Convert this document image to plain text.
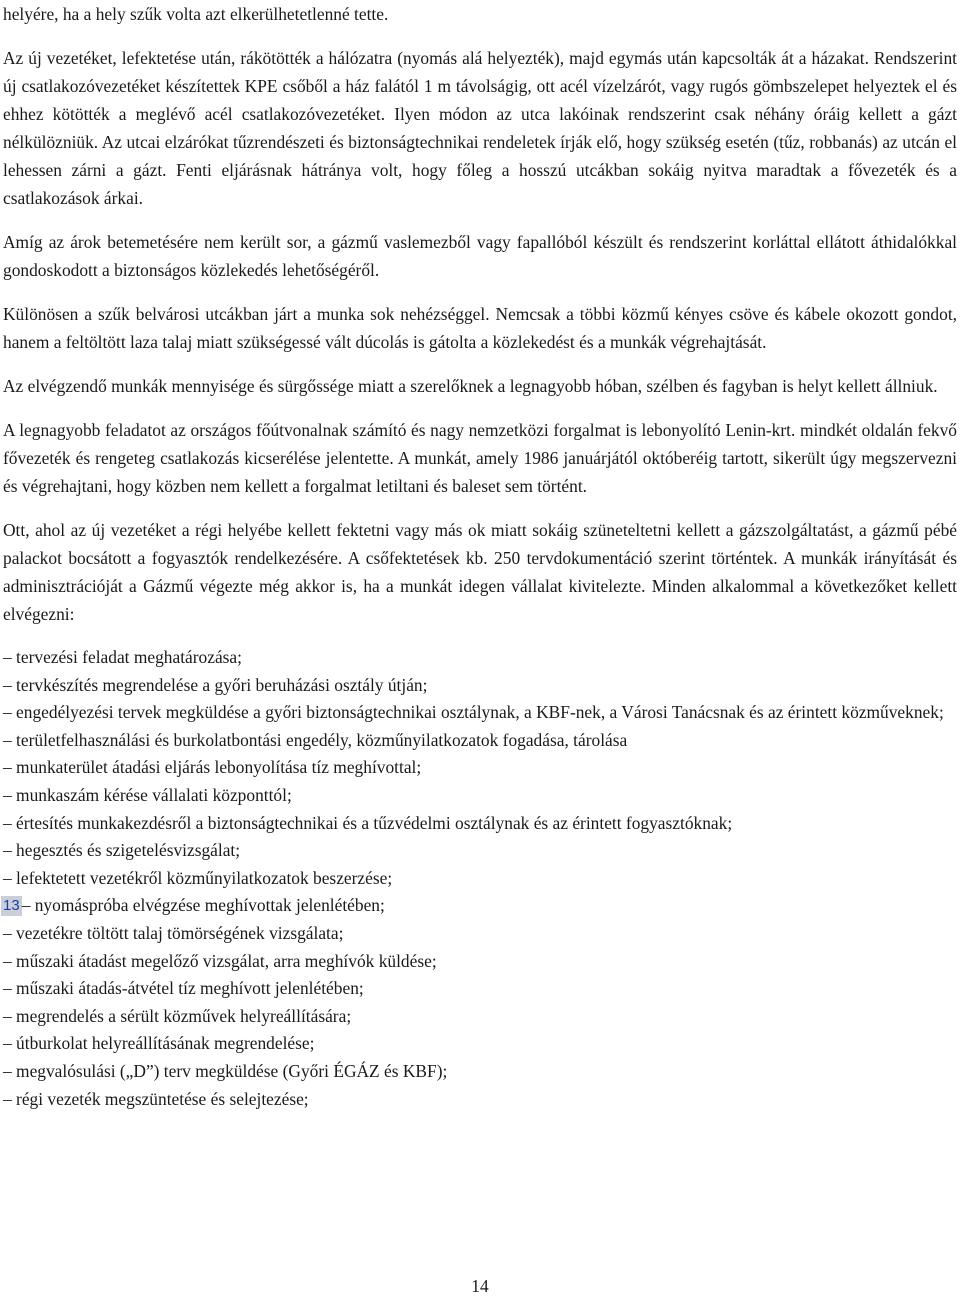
helyére, ha a hely szűk volta azt elkerülhetetlenné tette.

Az új vezetéket, lefektetése után, rákötötték a hálózatra (nyomás alá helyezték), majd egymás után kapcsolták át a házakat. Rendszerint új csatlakozóvezetéket készítettek KPE csőből a ház falától 1 m távolságig, ott acél vízelzárót, vagy rugós gömbszelepet helyeztek el és ehhez kötötték a meglévő acél csatlakozóvezetéket. Ilyen módon az utca lakóinak rendszerint csak néhány óráig kellett a gázt nélkülözniük. Az utcai elzárókat tűzrendészeti és biztonságtechnikai rendeletek írják elő, hogy szükség esetén (tűz, robbanás) az utcán el lehessen zárni a gázt. Fenti eljárásnak hátránya volt, hogy főleg a hosszú utcákban sokáig nyitva maradtak a fővezeték és a csatlakozások árkai.

Amíg az árok betemetésére nem került sor, a gázmű vaslemezből vagy fapallóból készült és rendszerint korláttal ellátott áthidalókkal gondoskodott a biztonságos közlekedés lehetőségéről.

Különösen a szűk belvárosi utcákban járt a munka sok nehézséggel. Nemcsak a többi közmű kényes csöve és kábele okozott gondot, hanem a feltöltött laza talaj miatt szükségessé vált dúcolás is gátolta a közlekedést és a munkák végrehajtását.

Az elvégzendő munkák mennyisége és sürgőssége miatt a szerelőknek a legnagyobb hóban, szélben és fagyban is helyt kellett állniuk.

A legnagyobb feladatot az országos főútvonalnak számító és nagy nemzetközi forgalmat is lebonyolító Lenin-krt. mindkét oldalán fekvő fővezeték és rengeteg csatlakozás kicserélése jelentette. A munkát, amely 1986 januárjától októberéig tartott, sikerült úgy megszervezni és végrehajtani, hogy közben nem kellett a forgalmat letiltani és baleset sem történt.

Ott, ahol az új vezetéket a régi helyébe kellett fektetni vagy más ok miatt sokáig szüneteltetni kellett a gázszolgáltatást, a gázmű pébé palackot bocsátott a fogyasztók rendelkezésére. A csőfektetések kb. 250 tervdokumentáció szerint történtek. A munkák irányítását és adminisztrációját a Gázmű végezte még akkor is, ha a munkát idegen vállalat kivitelezte. Minden alkalommal a következőket kellett elvégezni:

– tervezési feladat meghatározása;
– tervkészítés megrendelése a győri beruházási osztály útján;
– engedélyezési tervek megküldése a győri biztonságtechnikai osztálynak, a KBF-nek, a Városi Tanácsnak és az érintett közműveknek;
– területfelhasználási és burkolatbontási engedély, közműnyilatkozatok fogadása, tárolása
– munkaterület átadási eljárás lebonyolítása tíz meghívottal;
– munkaszám kérése vállalati központtól;
– értesítés munkakezdésről a biztonságtechnikai és a tűzvédelmi osztálynak és az érintett fogyasztóknak;
– hegesztés és szigetelésvizsgálat;
– lefektetett vezetékről közműnyilatkozatok beszerzése;
13 – nyomáspróba elvégzése meghívottak jelenlétében;
– vezetékre töltött talaj tömörségének vizsgálata;
– műszaki átadást megelőző vizsgálat, arra meghívók küldése;
– műszaki átadás-átvétel tíz meghívott jelenlétében;
– megrendelés a sérült közművek helyreállítására;
– útburkolat helyreállításának megrendelése;
– megvalósulási („D”) terv megküldése (Győri ÉGÁZ és KBF);
– régi vezeték megszüntetése és selejtezése;
14
